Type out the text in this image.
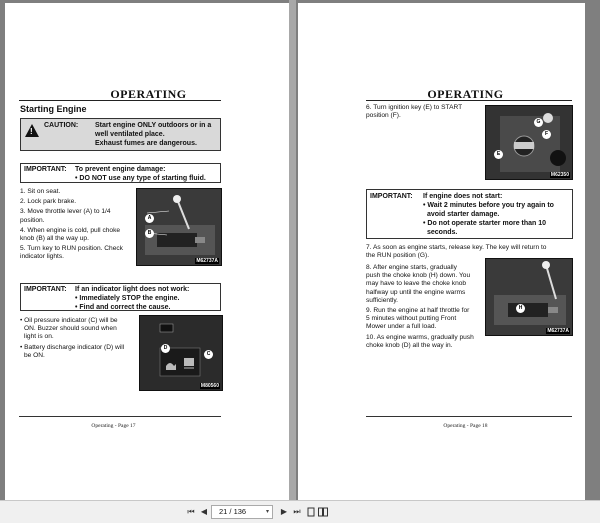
OPERATING
Starting Engine
!
CAUTION: Start engine ONLY outdoors or in a
well ventilated place.
Exhaust fumes are dangerous.
IMPORTANT: To prevent engine damage:
• DO NOT use any type of starting fluid.
1. Sit on seat.
2. Lock park brake.
3. Move throttle lever (A) to 1/4
position.
4. When engine is cold, pull choke
knob (B) all the way up.
5. Turn key to RUN position. Check
indicator lights.
A
B
M62737A
IMPORTANT: If an indicator light does not work:
• Immediately STOP the engine.
• Find and correct the cause.
• Oil pressure indicator (C) will be
ON. Buzzer should sound when
light is on.
• Battery discharge indicator (D) will
be ON.
D
C
M80560
Operating - Page 17
OPERATING
6. Turn ignition key (E) to START
position (F).
G
F
E
M62350
IMPORTANT: If engine does not start:
• Wait 2 minutes before you try again to
avoid starter damage.
• Do not operate starter more than 10
seconds.
7. As soon as engine starts, release key. The key will return to
the RUN position (G).
8. After engine starts, gradually
push the choke knob (H) down. You
may have to leave the choke knob
halfway up until the engine warms
sufficiently.
9. Run the engine at half throttle for
5 minutes without putting Front
Mower under a full load.
10. As engine warms, gradually push
choke knob (D) all the way in.
H
M62737A
Operating - Page 18
⏮ ◀	21 / 136	▾ ▶ ⏭
